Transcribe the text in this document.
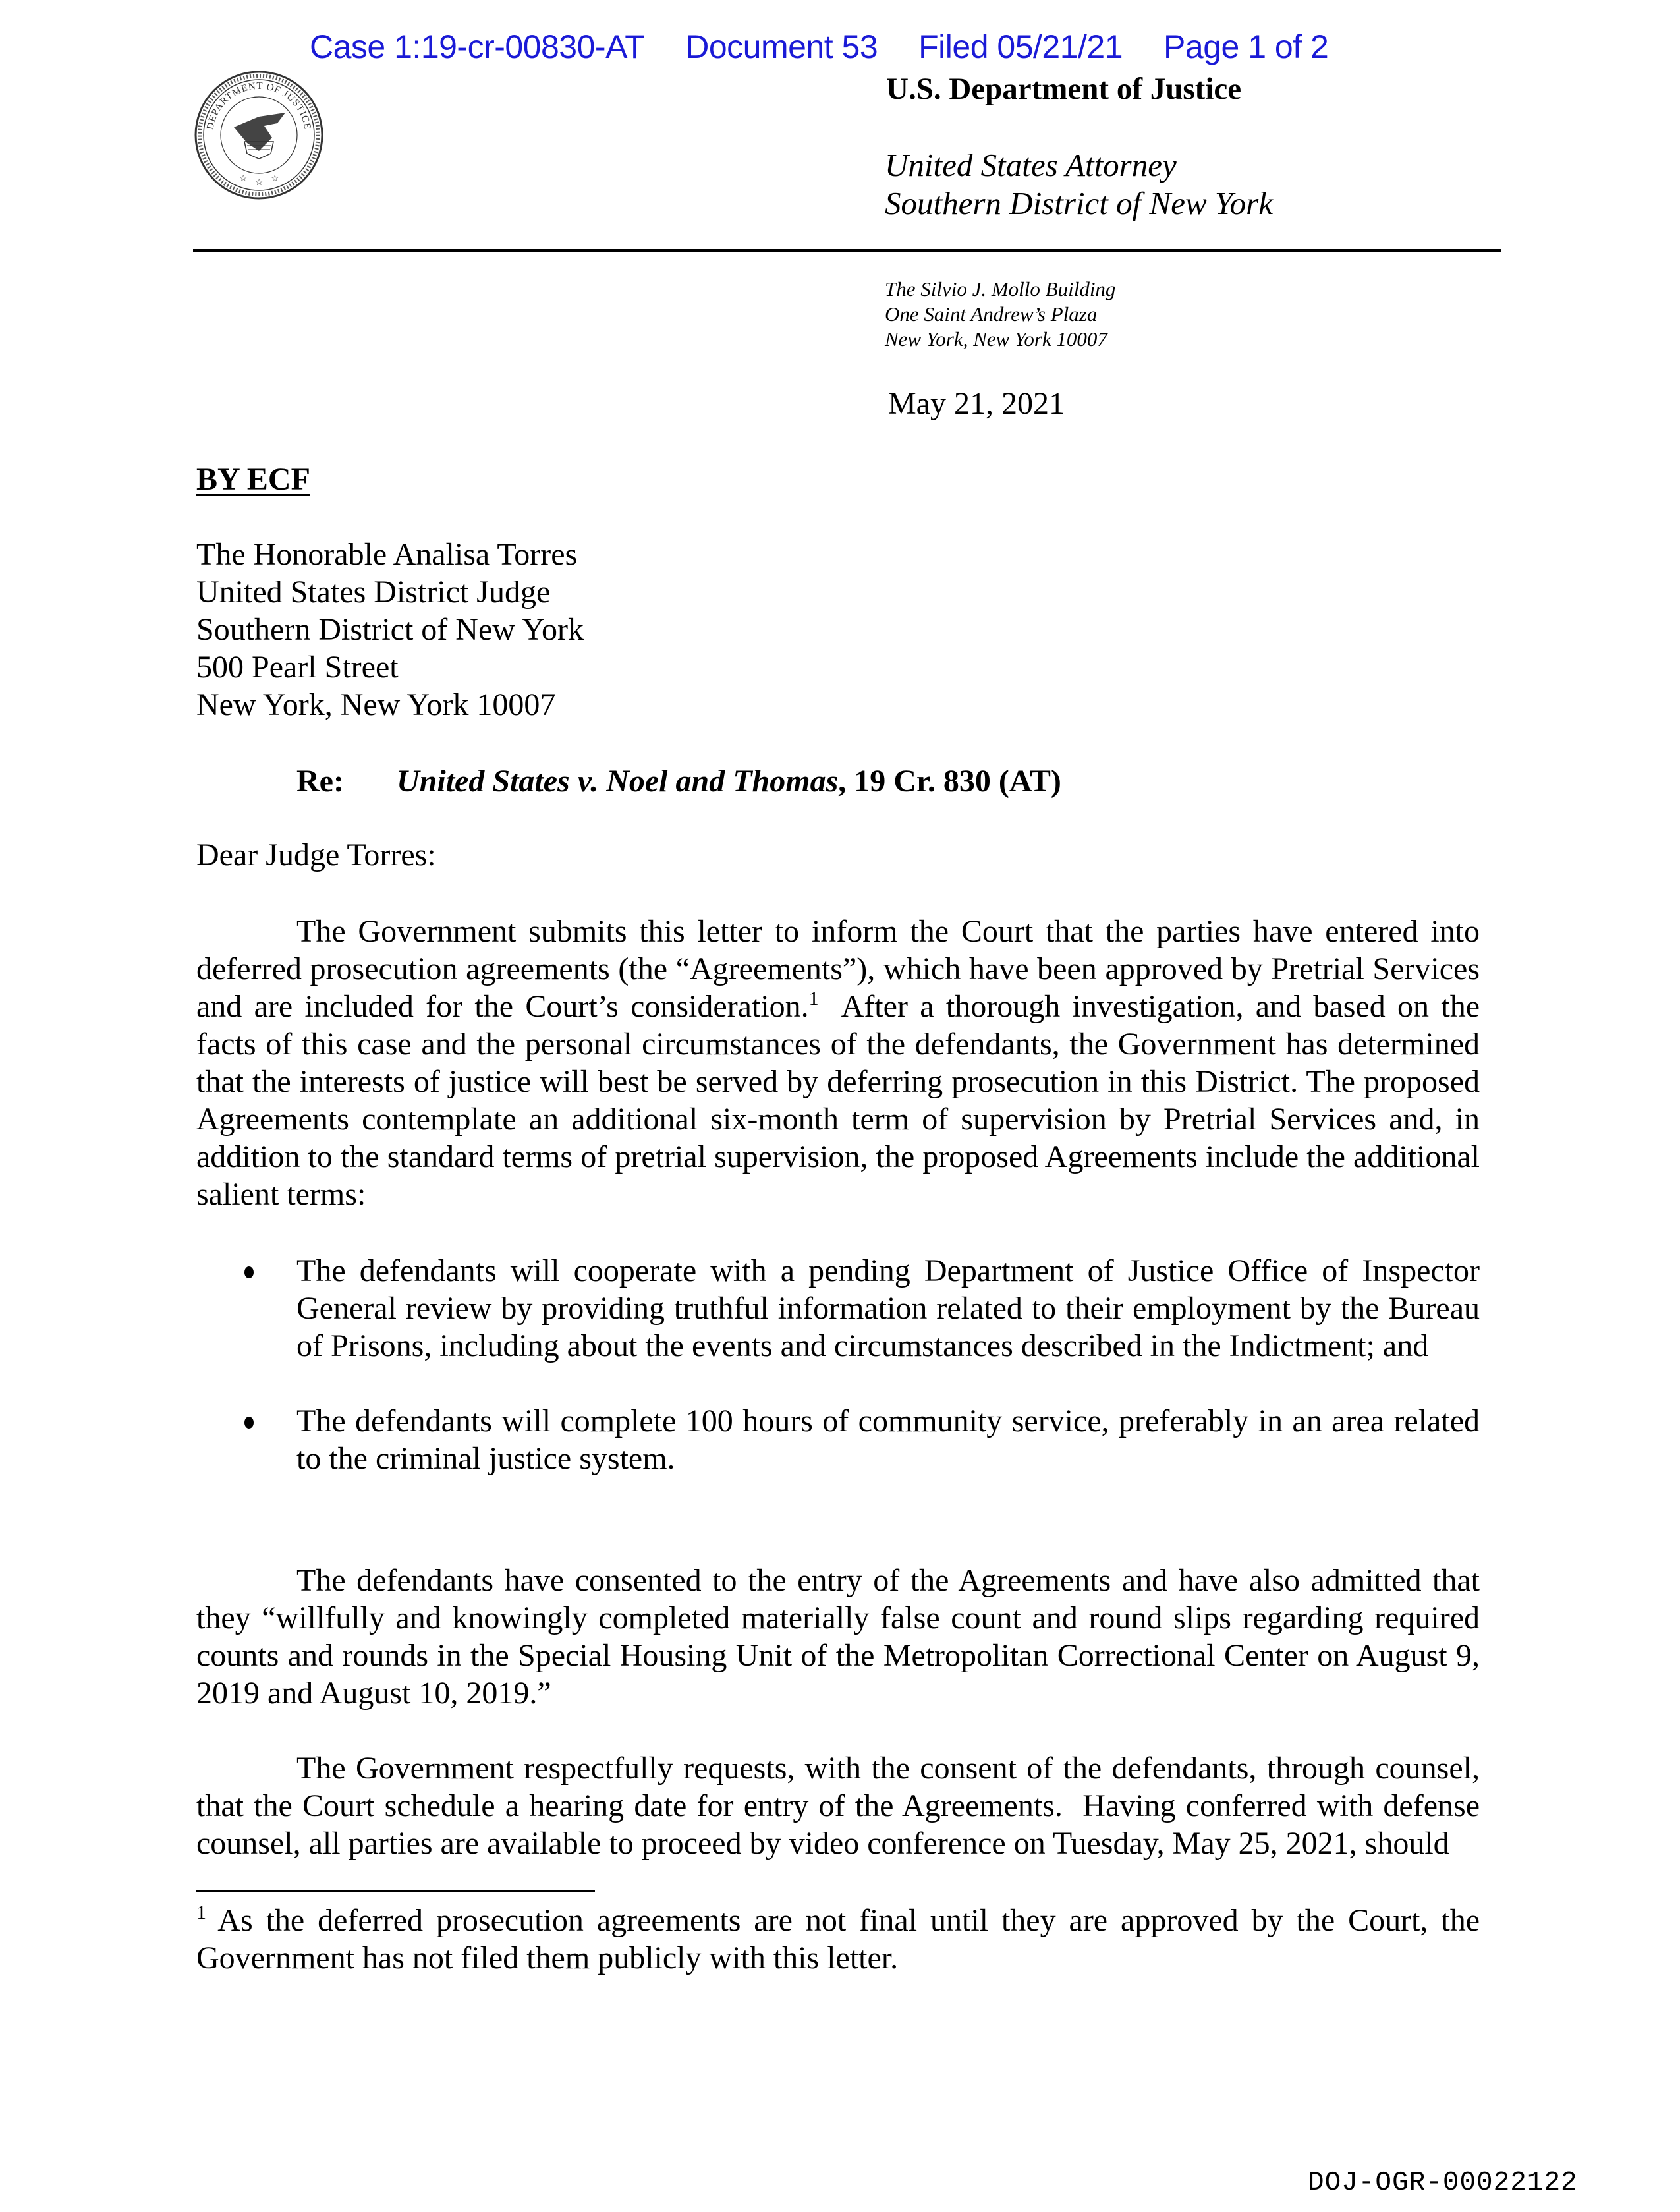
Case 1:19-cr-00830-AT Document 53 Filed 05/21/21 Page 1 of 2
DEPARTMENT OF JUSTICE
☆ ☆ ☆
U.S. Department of Justice
United States Attorney
Southern District of New York
The Silvio J. Mollo Building
One Saint Andrew’s Plaza
New York, New York 10007
May 21, 2021
BY ECF
The Honorable Analisa Torres
United States District Judge
Southern District of New York
500 Pearl Street
New York, New York 10007
Re: United States v. Noel and Thomas, 19 Cr. 830 (AT)
Dear Judge Torres:
The Government submits this letter to inform the Court that the parties have entered into deferred prosecution agreements (the “Agreements”), which have been approved by Pretrial Services and are included for the Court’s consideration.$^1$  After a thorough investigation, and based on the facts of this case and the personal circumstances of the defendants, the Government has determined that the interests of justice will best be served by deferring prosecution in this District. The proposed Agreements contemplate an additional six-month term of supervision by Pretrial Services and, in addition to the standard terms of pretrial supervision, the proposed Agreements include the additional salient terms:
The defendants will cooperate with a pending Department of Justice Office of Inspector General review by providing truthful information related to their employment by the Bureau of Prisons, including about the events and circumstances described in the Indictment; and
The defendants will complete 100 hours of community service, preferably in an area related to the criminal justice system.
The defendants have consented to the entry of the Agreements and have also admitted that they “willfully and knowingly completed materially false count and round slips regarding required counts and rounds in the Special Housing Unit of the Metropolitan Correctional Center on August 9, 2019 and August 10, 2019.”
The Government respectfully requests, with the consent of the defendants, through counsel, that the Court schedule a hearing date for entry of the Agreements.  Having conferred with defense counsel, all parties are available to proceed by video conference on Tuesday, May 25, 2021, should
$^1$ As the deferred prosecution agreements are not final until they are approved by the Court, the Government has not filed them publicly with this letter.
DOJ-OGR-00022122
